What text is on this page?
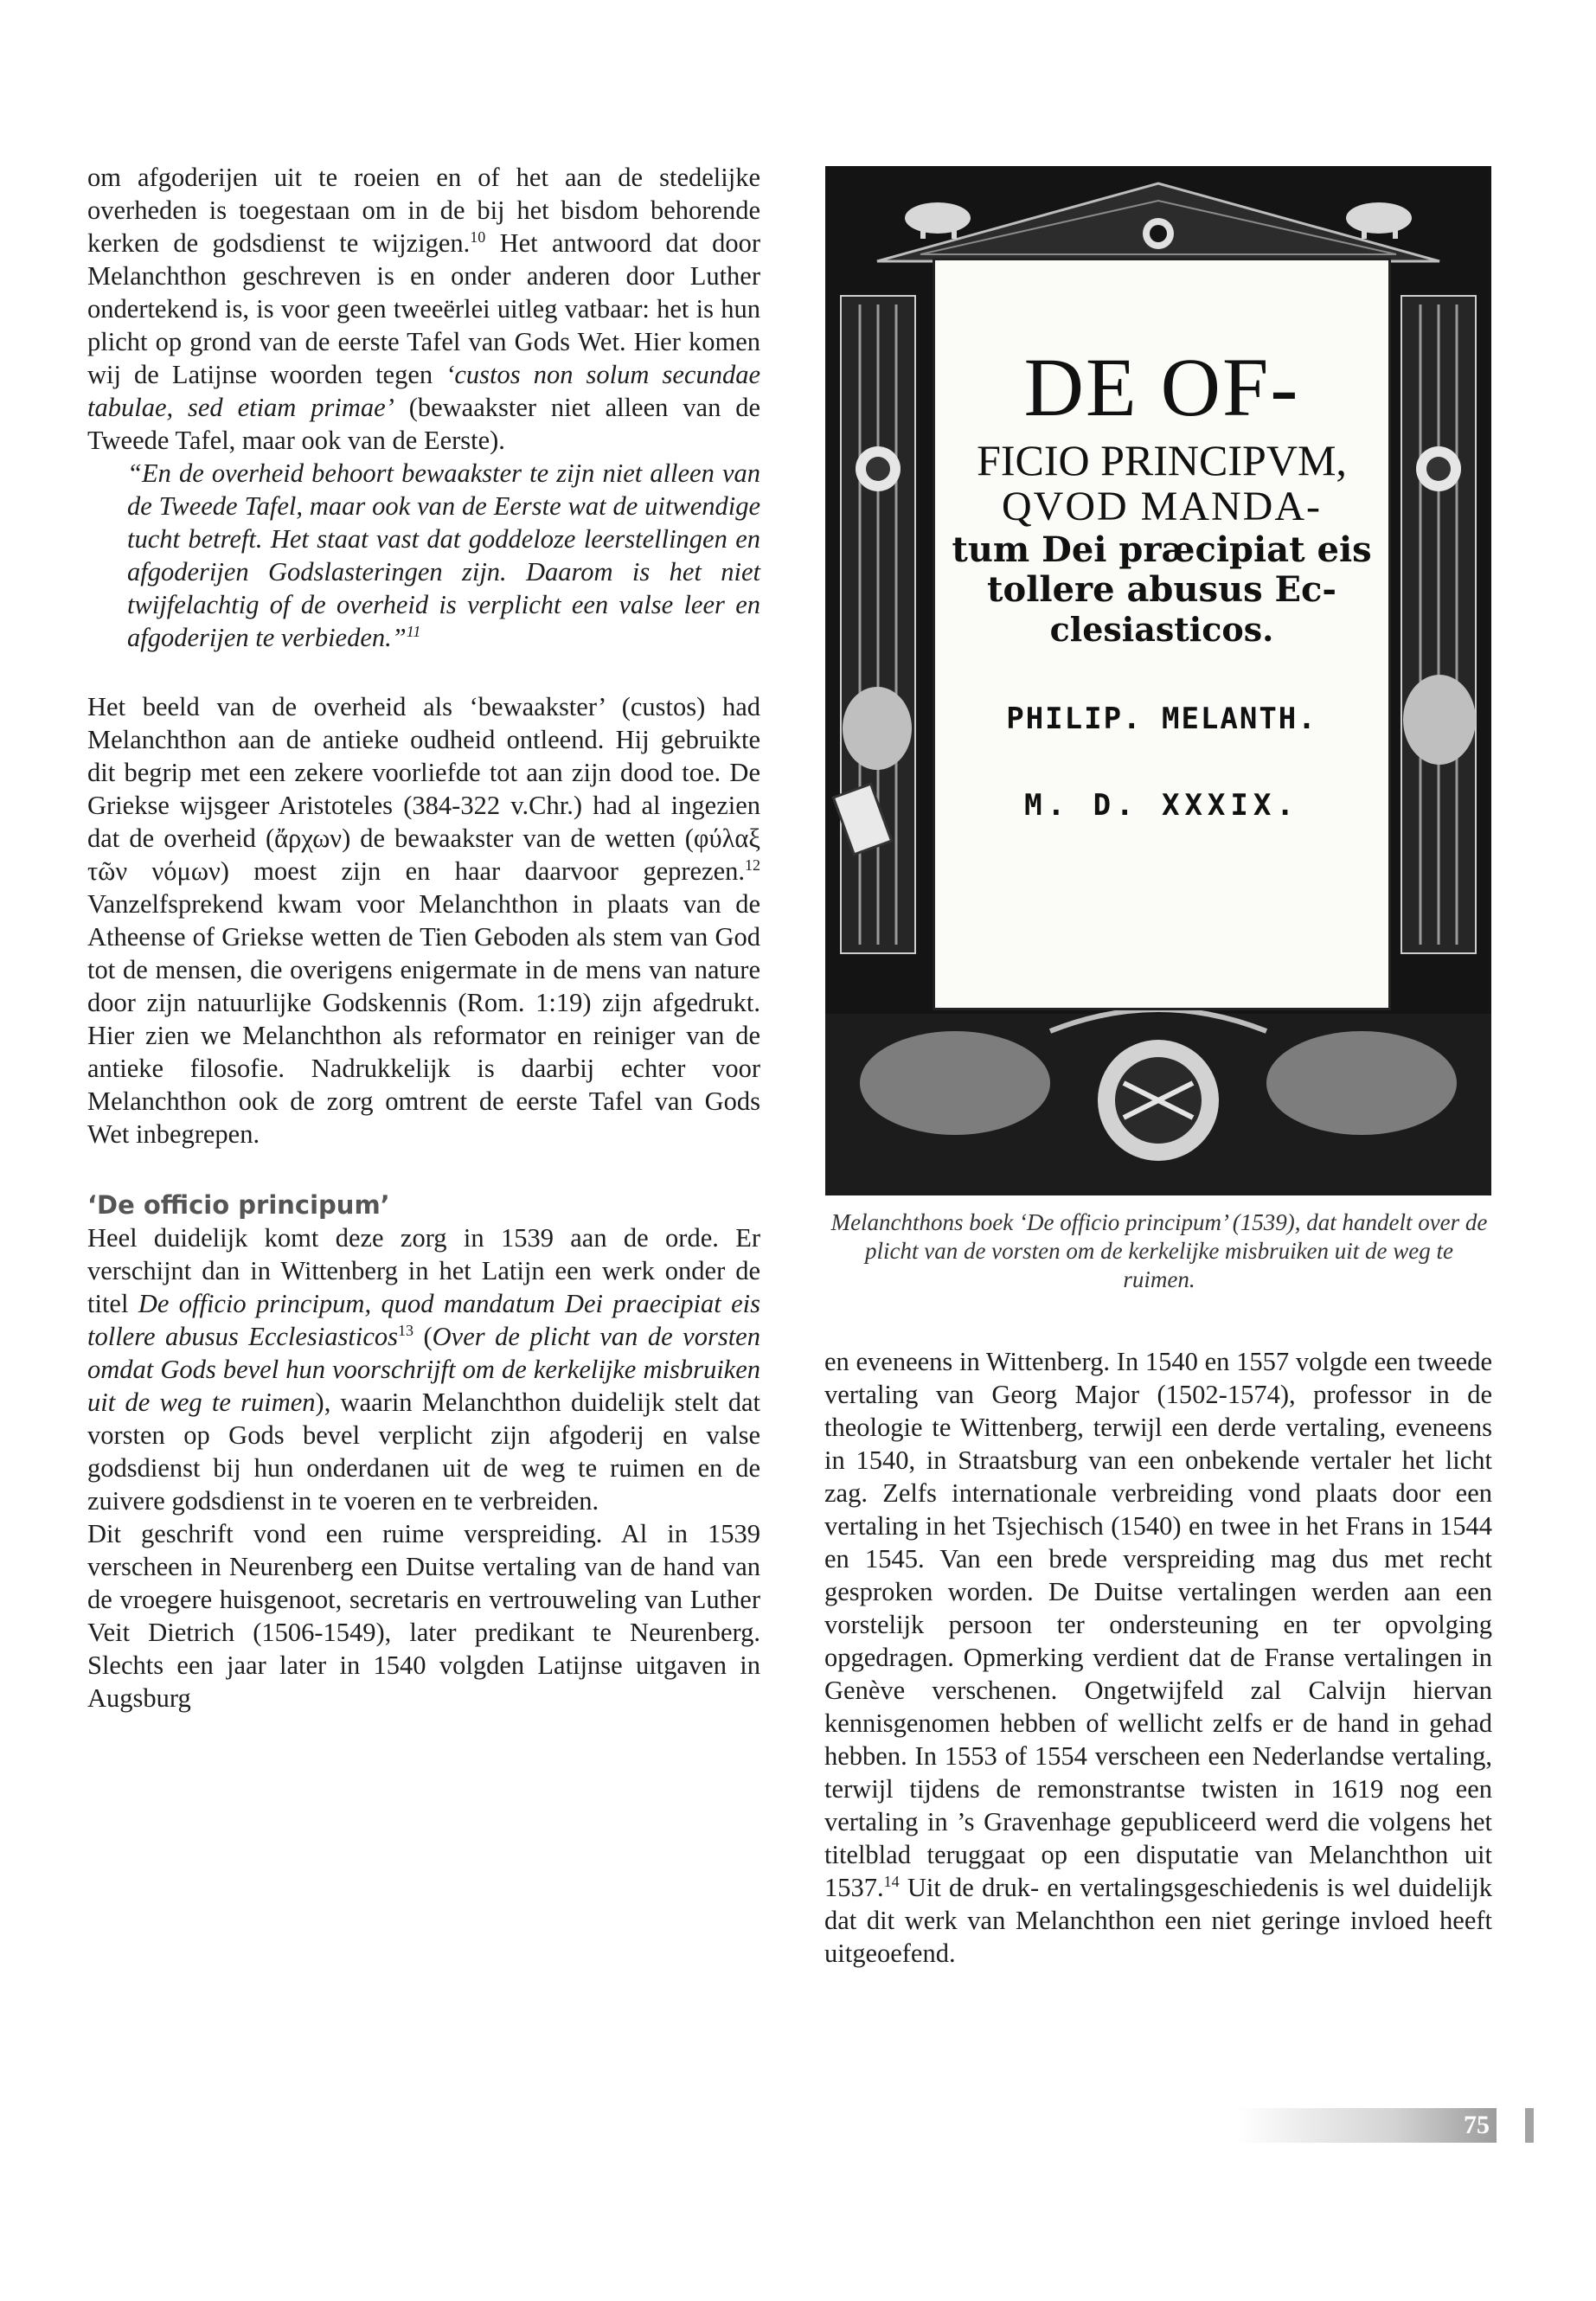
om afgoderijen uit te roeien en of het aan de stedelijke overheden is toegestaan om in de bij het bisdom behorende kerken de godsdienst te wijzigen.$^{10}$ Het antwoord dat door Melanchthon geschreven is en onder anderen door Luther ondertekend is, is voor geen tweeërlei uitleg vatbaar: het is hun plicht op grond van de eerste Tafel van Gods Wet. Hier komen wij de Latijnse woorden tegen ‘custos non solum secundae tabulae, sed etiam primae’ (bewaakster niet alleen van de Tweede Tafel, maar ook van de Eerste).

“En de overheid behoort bewaakster te zijn niet alleen van de Tweede Tafel, maar ook van de Eerste wat de uitwendige tucht betreft. Het staat vast dat goddeloze leerstellingen en afgoderijen Godslasteringen zijn. Daarom is het niet twijfelachtig of de overheid is verplicht een valse leer en afgoderijen te verbieden.”$^{11}$

Het beeld van de overheid als ‘bewaakster’ (custos) had Melanchthon aan de antieke oudheid ontleend. Hij gebruikte dit begrip met een zekere voorliefde tot aan zijn dood toe. De Griekse wijsgeer Aristoteles (384-322 v.Chr.) had al ingezien dat de overheid (ἄρχων) de bewaakster van de wetten (φύλαξ τῶν νόμων) moest zijn en haar daarvoor geprezen.$^{12}$ Vanzelfsprekend kwam voor Melanchthon in plaats van de Atheense of Griekse wetten de Tien Geboden als stem van God tot de mensen, die overigens enigermate in de mens van nature door zijn natuurlijke Godskennis (Rom. 1:19) zijn afgedrukt. Hier zien we Melanchthon als reformator en reiniger van de antieke filosofie. Nadrukkelijk is daarbij echter voor Melanchthon ook de zorg omtrent de eerste Tafel van Gods Wet inbegrepen.

‘De officio principum’

Heel duidelijk komt deze zorg in 1539 aan de orde. Er verschijnt dan in Wittenberg in het Latijn een werk onder de titel De officio principum, quod mandatum Dei praecipiat eis tollere abusus Ecclesiasticos$^{13}$ (Over de plicht van de vorsten omdat Gods bevel hun voorschrijft om de kerkelijke misbruiken uit de weg te ruimen), waarin Melanchthon duidelijk stelt dat vorsten op Gods bevel verplicht zijn afgoderij en valse godsdienst bij hun onderdanen uit de weg te ruimen en de zuivere godsdienst in te voeren en te verbreiden.

Dit geschrift vond een ruime verspreiding. Al in 1539 verscheen in Neurenberg een Duitse vertaling van de hand van de vroegere huisgenoot, secretaris en vertrouweling van Luther Veit Dietrich (1506-1549), later predikant te Neurenberg. Slechts een jaar later in 1540 volgden Latijnse uitgaven in Augsburg

DE OF-
FICIO PRINCIPVM,
QVOD MANDA-
tum Dei præcipiat eis
tollere abusus Ec-
clesiasticos.
PHILIP. MELANTH.
M. D. XXXIX.
Melanchthons boek ‘De officio principum’ (1539), dat handelt over de plicht van de vorsten om de kerkelijke misbruiken uit de weg te ruimen.

en eveneens in Wittenberg. In 1540 en 1557 volgde een tweede vertaling van Georg Major (1502-1574), professor in de theologie te Wittenberg, terwijl een derde vertaling, eveneens in 1540, in Straatsburg van een onbekende vertaler het licht zag. Zelfs internationale verbreiding vond plaats door een vertaling in het Tsjechisch (1540) en twee in het Frans in 1544 en 1545. Van een brede verspreiding mag dus met recht gesproken worden. De Duitse vertalingen werden aan een vorstelijk persoon ter ondersteuning en ter opvolging opgedragen. Opmerking verdient dat de Franse vertalingen in Genève verschenen. Ongetwijfeld zal Calvijn hiervan kennisgenomen hebben of wellicht zelfs er de hand in gehad hebben. In 1553 of 1554 verscheen een Nederlandse vertaling, terwijl tijdens de remonstrantse twisten in 1619 nog een vertaling in ’s Gravenhage gepubliceerd werd die volgens het titelblad teruggaat op een disputatie van Melanchthon uit 1537.14 Uit de druk- en vertalingsgeschiedenis is wel duidelijk dat dit werk van Melanchthon een niet geringe invloed heeft uitgeoefend.

75
